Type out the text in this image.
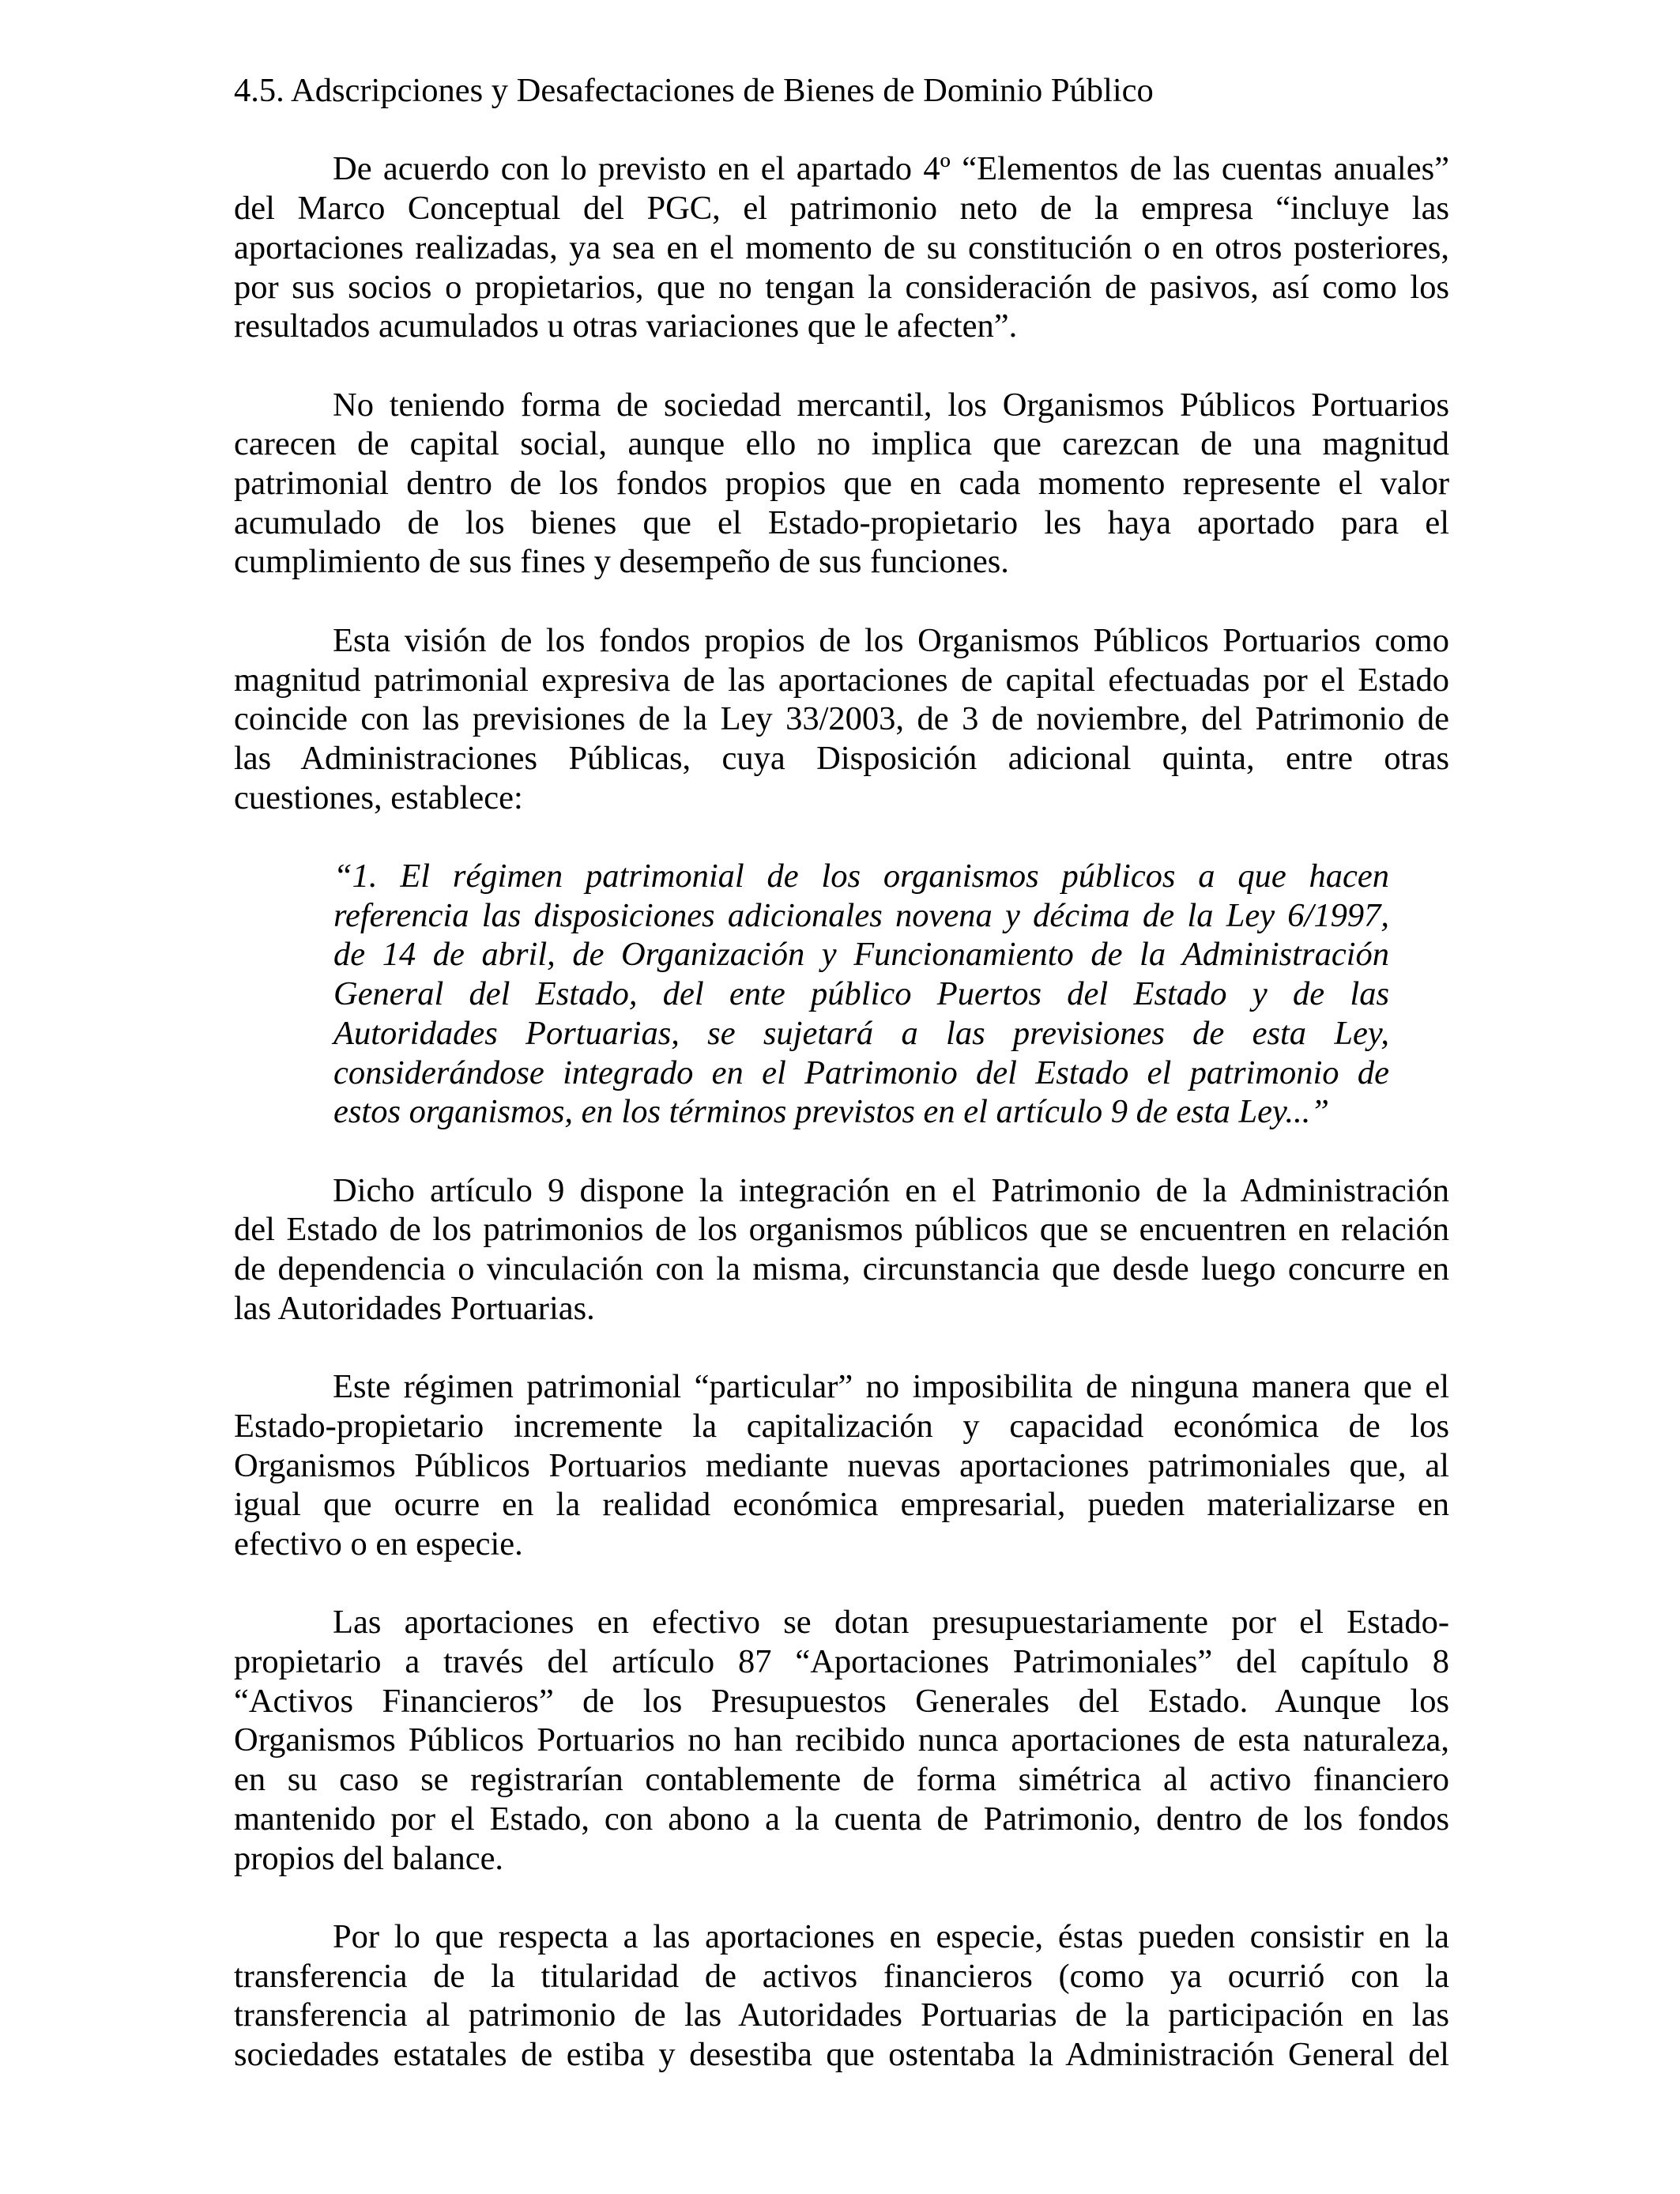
4.5. Adscripciones y Desafectaciones de Bienes de Dominio Público
De acuerdo con lo previsto en el apartado 4º “Elementos de las cuentas anuales”
del Marco Conceptual del PGC, el patrimonio neto de la empresa “incluye las
aportaciones realizadas, ya sea en el momento de su constitución o en otros posteriores,
por sus socios o propietarios, que no tengan la consideración de pasivos, así como los
resultados acumulados u otras variaciones que le afecten”.
No teniendo forma de sociedad mercantil, los Organismos Públicos Portuarios
carecen de capital social, aunque ello no implica que carezcan de una magnitud
patrimonial dentro de los fondos propios que en cada momento represente el valor
acumulado de los bienes que el Estado-propietario les haya aportado para el
cumplimiento de sus fines y desempeño de sus funciones.
Esta visión de los fondos propios de los Organismos Públicos Portuarios como
magnitud patrimonial expresiva de las aportaciones de capital efectuadas por el Estado
coincide con las previsiones de la Ley 33/2003, de 3 de noviembre, del Patrimonio de
las Administraciones Públicas, cuya Disposición adicional quinta, entre otras
cuestiones, establece:
“1. El régimen patrimonial de los organismos públicos a que hacen
referencia las disposiciones adicionales novena y décima de la Ley 6/1997,
de 14 de abril, de Organización y Funcionamiento de la Administración
General del Estado, del ente público Puertos del Estado y de las
Autoridades Portuarias, se sujetará a las previsiones de esta Ley,
considerándose integrado en el Patrimonio del Estado el patrimonio de
estos organismos, en los términos previstos en el artículo 9 de esta Ley...”
Dicho artículo 9 dispone la integración en el Patrimonio de la Administración
del Estado de los patrimonios de los organismos públicos que se encuentren en relación
de dependencia o vinculación con la misma, circunstancia que desde luego concurre en
las Autoridades Portuarias.
Este régimen patrimonial “particular” no imposibilita de ninguna manera que el
Estado-propietario incremente la capitalización y capacidad económica de los
Organismos Públicos Portuarios mediante nuevas aportaciones patrimoniales que, al
igual que ocurre en la realidad económica empresarial, pueden materializarse en
efectivo o en especie.
Las aportaciones en efectivo se dotan presupuestariamente por el Estado-
propietario a través del artículo 87 “Aportaciones Patrimoniales” del capítulo 8
“Activos Financieros” de los Presupuestos Generales del Estado. Aunque los
Organismos Públicos Portuarios no han recibido nunca aportaciones de esta naturaleza,
en su caso se registrarían contablemente de forma simétrica al activo financiero
mantenido por el Estado, con abono a la cuenta de Patrimonio, dentro de los fondos
propios del balance.
Por lo que respecta a las aportaciones en especie, éstas pueden consistir en la
transferencia de la titularidad de activos financieros (como ya ocurrió con la
transferencia al patrimonio de las Autoridades Portuarias de la participación en las
sociedades estatales de estiba y desestiba que ostentaba la Administración General del
